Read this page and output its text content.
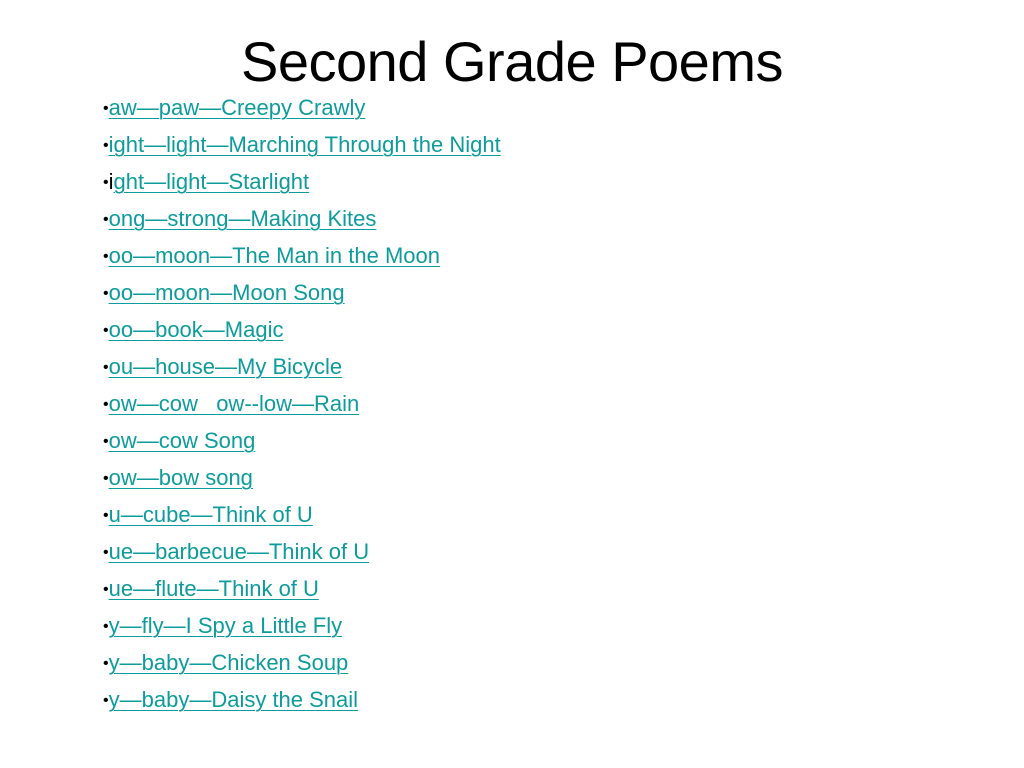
Second Grade Poems
•aw—paw—Creepy Crawly
•ight—light—Marching Through the Night
•ight—light—Starlight
•ong—strong—Making Kites
•oo—moon—The Man in the Moon
•oo—moon—Moon Song
•oo—book—Magic
•ou—house—My Bicycle
•ow—cow   ow--low—Rain
•ow—cow Song
•ow—bow song
•u—cube—Think of U
•ue—barbecue—Think of U
•ue—flute—Think of U
•y—fly—I Spy a Little Fly
•y—baby—Chicken Soup
•y—baby—Daisy the Snail
